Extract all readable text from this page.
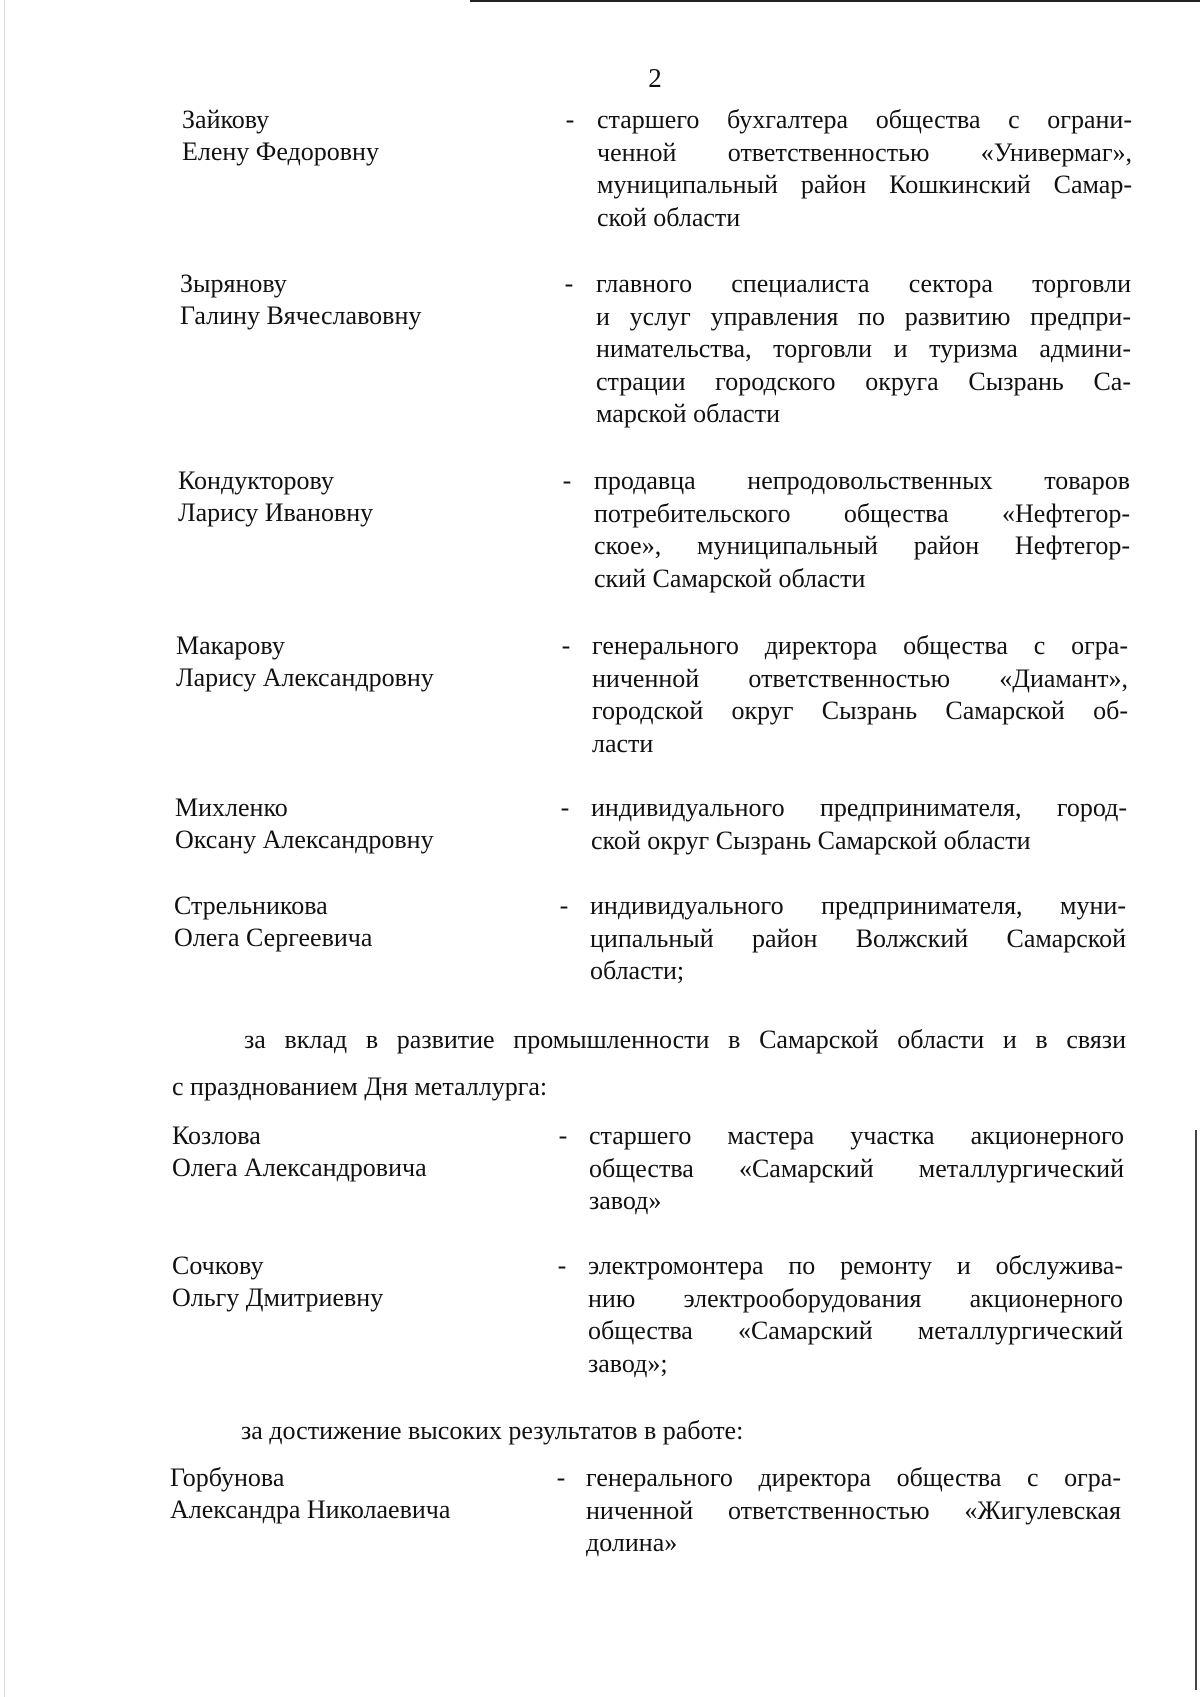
2
Зайкову
Елену Федоровну
- старшего бухгалтера общества с ограни-
ченной ответственностью «Универмаг»,
муниципальный район Кошкинский Самар-
ской области
Зырянову
Галину Вячеславовну
- главного специалиста сектора торговли
и услуг управления по развитию предпри-
нимательства, торговли и туризма админи-
страции городского округа Сызрань Са-
марской области
Кондукторову
Ларису Ивановну
- продавца непродовольственных товаров
потребительского общества «Нефтегор-
ское», муниципальный район Нефтегор-
ский Самарской области
Макарову
Ларису Александровну
- генерального директора общества с огра-
ниченной ответственностью «Диамант»,
городской округ Сызрань Самарской об-
ласти
Михленко
Оксану Александровну
- индивидуального предпринимателя, город-
ской округ Сызрань Самарской области
Стрельникова
Олега Сергеевича
- индивидуального предпринимателя, муни-
ципальный район Волжский Самарской
области;
за вклад в развитие промышленности в Самарской области и в связи
с празднованием Дня металлурга:
Козлова
Олега Александровича
- старшего мастера участка акционерного
общества «Самарский металлургический
завод»
Сочкову
Ольгу Дмитриевну
- электромонтера по ремонту и обслужива-
нию электрооборудования акционерного
общества «Самарский металлургический
завод»;
за достижение высоких результатов в работе:
Горбунова
Александра Николаевича
- генерального директора общества с огра-
ниченной ответственностью «Жигулевская
долина»
